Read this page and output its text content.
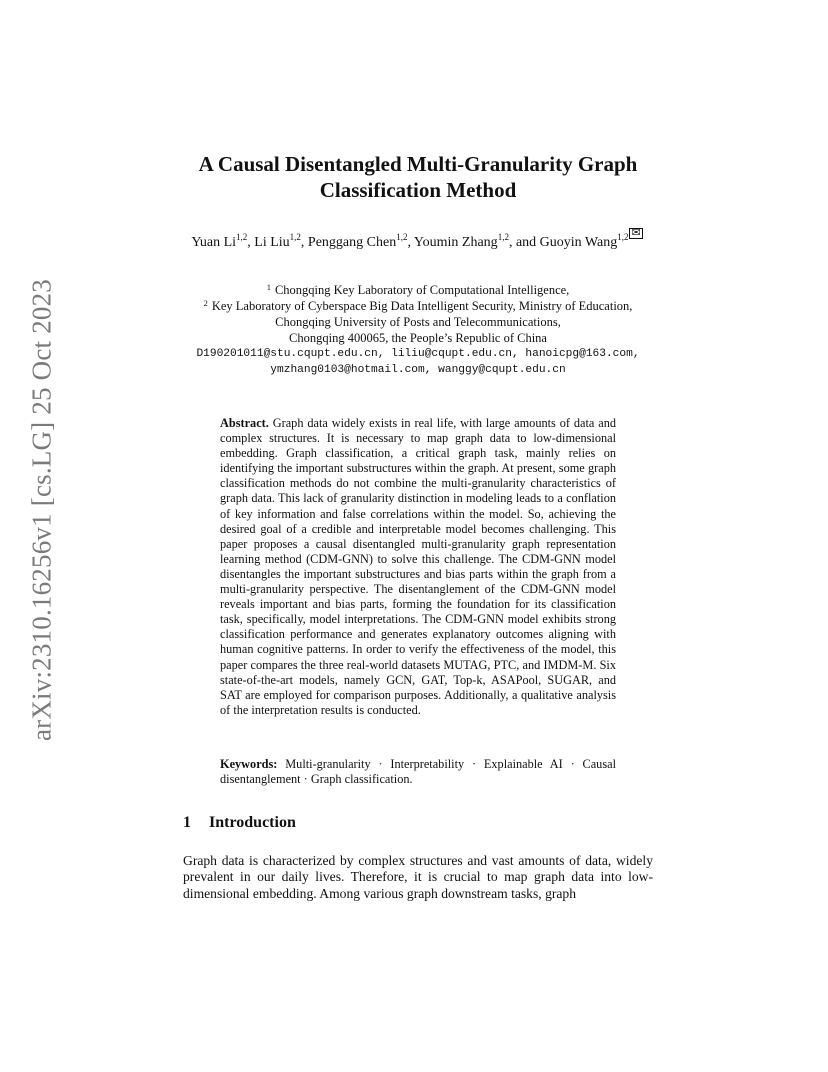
arXiv:2310.16256v1 [cs.LG] 25 Oct 2023
A Causal Disentangled Multi-Granularity Graph
Classification Method
Yuan Li$^{1,2}$, Li Liu$^{1,2}$, Penggang Chen$^{1,2}$, Youmin Zhang$^{1,2}$, and Guoyin Wang$^{1,2}$ ✉
$^1$ Chongqing Key Laboratory of Computational Intelligence,
$^2$ Key Laboratory of Cyberspace Big Data Intelligent Security, Ministry of Education,
Chongqing University of Posts and Telecommunications,
Chongqing 400065, the People’s Republic of China
D190201011@stu.cqupt.edu.cn, liliu@cqupt.edu.cn, hanoicpg@163.com,
ymzhang0103@hotmail.com, wanggy@cqupt.edu.cn
Abstract. Graph data widely exists in real life, with large amounts of data and complex structures. It is necessary to map graph data to low-dimensional embedding. Graph classification, a critical graph task, mainly relies on identifying the important substructures within the graph. At present, some graph classification methods do not combine the multi-granularity characteristics of graph data. This lack of granularity distinction in modeling leads to a conflation of key information and false correlations within the model. So, achieving the desired goal of a credible and interpretable model becomes challenging. This paper proposes a causal disentangled multi-granularity graph representation learning method (CDM-GNN) to solve this challenge. The CDM-GNN model disentangles the important substructures and bias parts within the graph from a multi-granularity perspective. The disentanglement of the CDM-GNN model reveals important and bias parts, forming the foundation for its classification task, specifically, model interpretations. The CDM-GNN model exhibits strong classification performance and generates explanatory outcomes aligning with human cognitive patterns. In order to verify the effectiveness of the model, this paper compares the three real-world datasets MUTAG, PTC, and IMDM-M. Six state-of-the-art models, namely GCN, GAT, Top-k, ASAPool, SUGAR, and SAT are employed for comparison purposes. Additionally, a qualitative analysis of the interpretation results is conducted.
Keywords: Multi-granularity · Interpretability · Explainable AI · Causal disentanglement · Graph classification.
1 Introduction
Graph data is characterized by complex structures and vast amounts of data, widely prevalent in our daily lives. Therefore, it is crucial to map graph data into low-dimensional embedding. Among various graph downstream tasks, graph
